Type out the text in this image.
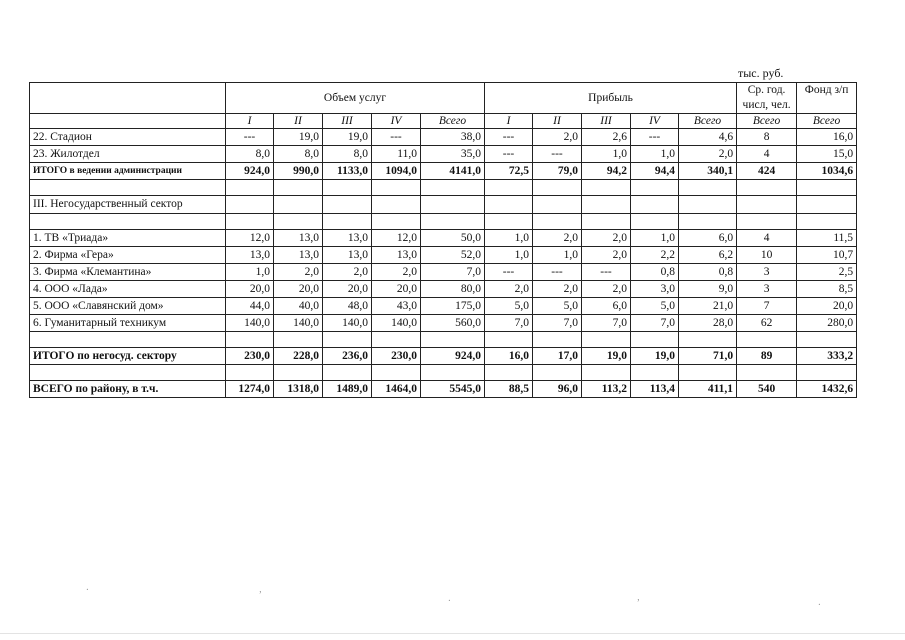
тыс. руб.
	Объем услуг					Прибыль					Ср. год. числ, чел.	Фонд з/п
	I	II	III	IV	Всего	I	II	III	IV	Всего	Всего	Всего
22. Стадион	---	19,0	19,0	---	38,0	---	2,0	2,6	---	4,6	8	16,0
23. Жилотдел	8,0	8,0	8,0	11,0	35,0	---	---	1,0	1,0	2,0	4	15,0
ИТОГО в ведении администрации	924,0	990,0	1133,0	1094,0	4141,0	72,5	79,0	94,2	94,4	340,1	424	1034,6

III. Негосударственный сектор												

1. ТВ «Триада»	12,0	13,0	13,0	12,0	50,0	1,0	2,0	2,0	1,0	6,0	4	11,5
2. Фирма «Гера»	13,0	13,0	13,0	13,0	52,0	1,0	1,0	2,0	2,2	6,2	10	10,7
3. Фирма «Клемантина»	1,0	2,0	2,0	2,0	7,0	---	---	---	0,8	0,8	3	2,5
4. ООО «Лада»	20,0	20,0	20,0	20,0	80,0	2,0	2,0	2,0	3,0	9,0	3	8,5
5. ООО «Славянский дом»	44,0	40,0	48,0	43,0	175,0	5,0	5,0	6,0	5,0	21,0	7	20,0
6. Гуманитарный техникум	140,0	140,0	140,0	140,0	560,0	7,0	7,0	7,0	7,0	28,0	62	280,0

ИТОГО по негосуд. сектору	230,0	228,0	236,0	230,0	924,0	16,0	17,0	19,0	19,0	71,0	89	333,2

ВСЕГО по району, в т.ч.	1274,0	1318,0	1489,0	1464,0	5545,0	88,5	96,0	113,2	113,4	411,1	540	1432,6
·	ʼ
·	ʼ	·
